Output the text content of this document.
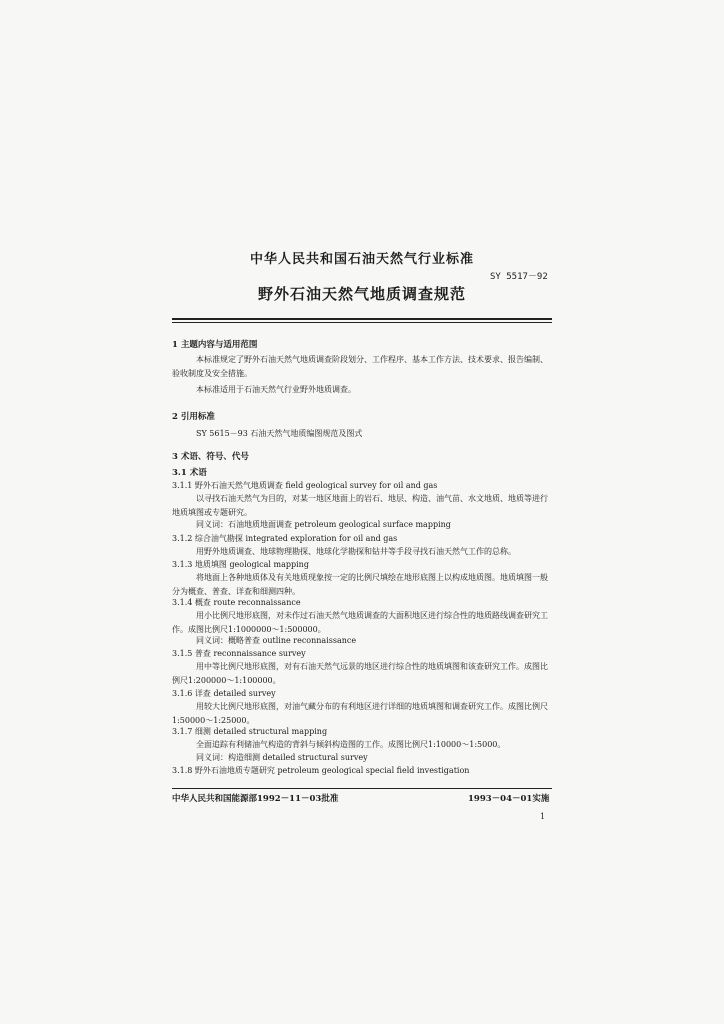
中华人民共和国石油天然气行业标准
SY 5517－92
野外石油天然气地质调查规范
1 主题内容与适用范围
本标准规定了野外石油天然气地质调查阶段划分、工作程序、基本工作方法、技术要求、报告编制、验收制度及安全措施。
本标准适用于石油天然气行业野外地质调查。
2 引用标准
SY 5615－93 石油天然气地质编图规范及图式
3 术语、符号、代号
3.1 术语
3.1.1 野外石油天然气地质调查 field geological survey for oil and gas
以寻找石油天然气为目的，对某一地区地面上的岩石、地层、构造、油气苗、水文地质、地质等进行地质填图或专题研究。
同义词：石油地质地面调查 petroleum geological surface mapping
3.1.2 综合油气勘探 integrated exploration for oil and gas
用野外地质调查、地球物理勘探、地球化学勘探和钻井等手段寻找石油天然气工作的总称。
3.1.3 地质填图 geological mapping
将地面上各种地质体及有关地质现象按一定的比例尺填绘在地形底图上以构成地质图。地质填图一般分为概查、普查、详查和细测四种。
3.1.4 概查 route reconnaissance
用小比例尺地形底图，对未作过石油天然气地质调查的大面积地区进行综合性的地质路线调查研究工作。成图比例尺1:1000000～1:500000。
同义词：概略普查 outline reconnaissance
3.1.5 普查 reconnaissance survey
用中等比例尺地形底图，对有石油天然气远景的地区进行综合性的地质填图和该查研究工作。成图比例尺1:200000～1:100000。
3.1.6 详查 detailed survey
用较大比例尺地形底图，对油气藏分布的有利地区进行详细的地质填图和调查研究工作。成图比例尺1:50000～1:25000。
3.1.7 细测 detailed structural mapping
全面追踪有利储油气构造的背斜与倾斜构造图的工作。成图比例尺1:10000～1:5000。
同义词：构造细测 detailed structural survey
3.1.8 野外石油地质专题研究 petroleum geological special field investigation
中华人民共和国能源部1992－11－03批准	1993－04－01实施
1
